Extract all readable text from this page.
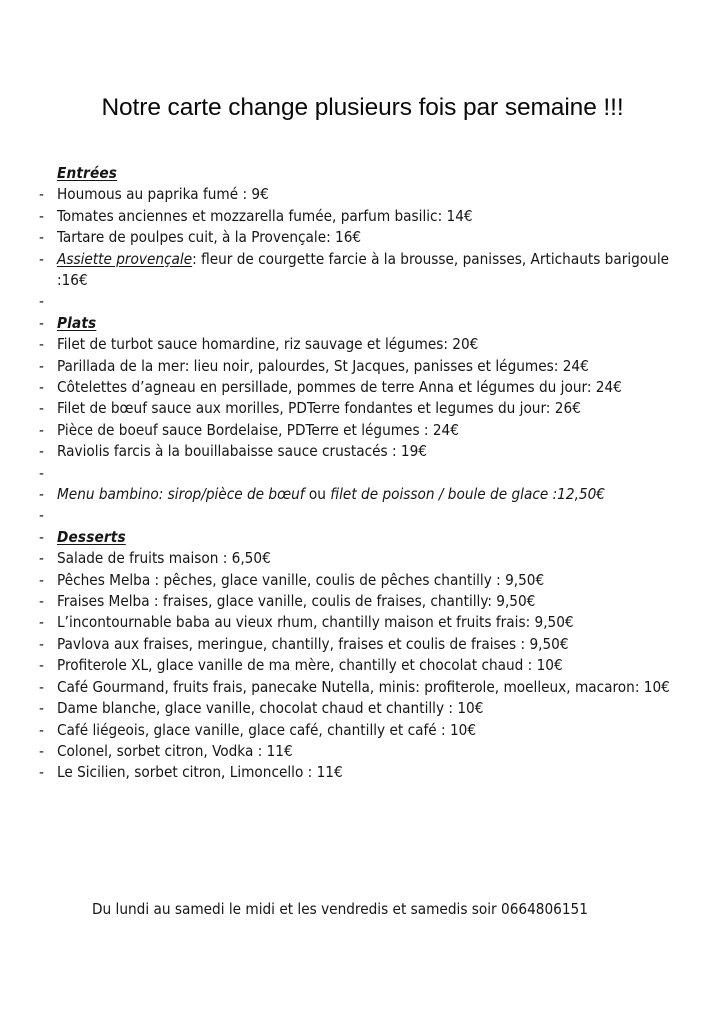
Notre carte change plusieurs fois par semaine !!!
Entrées
- Houmous au paprika fumé : 9€
- Tomates anciennes et mozzarella fumée, parfum basilic: 14€
- Tartare de poulpes cuit, à la Provençale: 16€
- Assiette provençale: fleur de courgette farcie à la brousse, panisses, Artichauts barigoule :16€
-
- Plats
- Filet de turbot sauce homardine, riz sauvage et légumes: 20€
- Parillada de la mer: lieu noir, palourdes, St Jacques, panisses et légumes: 24€
- Côtelettes d’agneau en persillade, pommes de terre Anna et légumes du jour: 24€
- Filet de bœuf sauce aux morilles, PDTerre fondantes et legumes du jour: 26€
- Pièce de boeuf sauce Bordelaise, PDTerre et légumes : 24€
- Raviolis farcis à la bouillabaisse sauce crustacés : 19€
-
- Menu bambino: sirop/pièce de bœuf ou filet de poisson / boule de glace :12,50€
-
- Desserts
- Salade de fruits maison : 6,50€
- Pêches Melba : pêches, glace vanille, coulis de pêches chantilly : 9,50€
- Fraises Melba : fraises, glace vanille, coulis de fraises, chantilly: 9,50€
- L’incontournable baba au vieux rhum, chantilly maison et fruits frais: 9,50€
- Pavlova aux fraises, meringue, chantilly, fraises et coulis de fraises : 9,50€
- Profiterole XL, glace vanille de ma mère, chantilly et chocolat chaud : 10€
- Café Gourmand, fruits frais, panecake Nutella, minis: profiterole, moelleux, macaron: 10€
- Dame blanche, glace vanille, chocolat chaud et chantilly : 10€
- Café liégeois, glace vanille, glace café, chantilly et café : 10€
- Colonel, sorbet citron, Vodka : 11€
- Le Sicilien, sorbet citron, Limoncello : 11€
Du lundi au samedi le midi et les vendredis et samedis soir 0664806151
